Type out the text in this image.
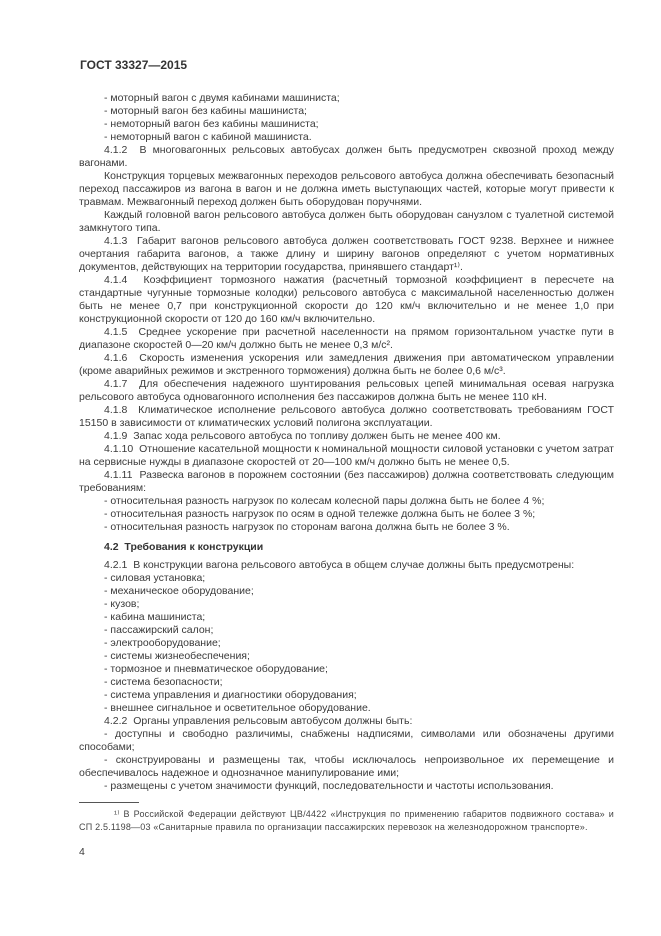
ГОСТ 33327—2015

- моторный вагон с двумя кабинами машиниста;

- моторный вагон без кабины машиниста;

- немоторный вагон без кабины машиниста;

- немоторный вагон с кабиной машиниста.

4.1.2  В многовагонных рельсовых автобусах должен быть предусмотрен сквозной проход между вагонами.

Конструкция торцевых межвагонных переходов рельсового автобуса должна обеспечивать безопасный переход пассажиров из вагона в вагон и не должна иметь выступающих частей, которые могут привести к травмам. Межвагонный переход должен быть оборудован поручнями.

Каждый головной вагон рельсового автобуса должен быть оборудован санузлом с туалетной системой замкнутого типа.

4.1.3  Габарит вагонов рельсового автобуса должен соответствовать ГОСТ 9238. Верхнее и нижнее очертания габарита вагонов, а также длину и ширину вагонов определяют с учетом нормативных документов, действующих на территории государства, принявшего стандарт¹⁾.

4.1.4  Коэффициент тормозного нажатия (расчетный тормозной коэффициент в пересчете на стандартные чугунные тормозные колодки) рельсового автобуса с максимальной населенностью должен быть не менее 0,7 при конструкционной скорости до 120 км/ч включительно и не менее 1,0 при конструкционной скорости от 120 до 160 км/ч включительно.

4.1.5  Среднее ускорение при расчетной населенности на прямом горизонтальном участке пути в диапазоне скоростей 0—20 км/ч должно быть не менее 0,3 м/с².

4.1.6  Скорость изменения ускорения или замедления движения при автоматическом управлении (кроме аварийных режимов и экстренного торможения) должна быть не более 0,6 м/с³.

4.1.7  Для обеспечения надежного шунтирования рельсовых цепей минимальная осевая нагрузка рельсового автобуса одновагонного исполнения без пассажиров должна быть не менее 110 кН.

4.1.8  Климатическое исполнение рельсового автобуса должно соответствовать требованиям ГОСТ 15150 в зависимости от климатических условий полигона эксплуатации.

4.1.9  Запас хода рельсового автобуса по топливу должен быть не менее 400 км.

4.1.10  Отношение касательной мощности к номинальной мощности силовой установки с учетом затрат на сервисные нужды в диапазоне скоростей от 20—100 км/ч должно быть не менее 0,5.

4.1.11  Развеска вагонов в порожнем состоянии (без пассажиров) должна соответствовать следующим требованиям:

- относительная разность нагрузок по колесам колесной пары должна быть не более 4 %;

- относительная разность нагрузок по осям в одной тележке должна быть не более 3 %;

- относительная разность нагрузок по сторонам вагона должна быть не более 3 %.

4.2  Требования к конструкции

4.2.1  В конструкции вагона рельсового автобуса в общем случае должны быть предусмотрены:

- силовая установка;

- механическое оборудование;

- кузов;

- кабина машиниста;

- пассажирский салон;

- электрооборудование;

- системы жизнеобеспечения;

- тормозное и пневматическое оборудование;

- система безопасности;

- система управления и диагностики оборудования;

- внешнее сигнальное и осветительное оборудование.

4.2.2  Органы управления рельсовым автобусом должны быть:

- доступны и свободно различимы, снабжены надписями, символами или обозначены другими способами;

- сконструированы и размещены так, чтобы исключалось непроизвольное их перемещение и обеспечивалось надежное и однозначное манипулирование ими;

- размещены с учетом значимости функций, последовательности и частоты использования.

¹⁾ В Российской Федерации действуют ЦВ/4422 «Инструкция по применению габаритов подвижного состава» и СП 2.5.1198—03 «Санитарные правила по организации пассажирских перевозок на железнодорожном транспорте».

4
